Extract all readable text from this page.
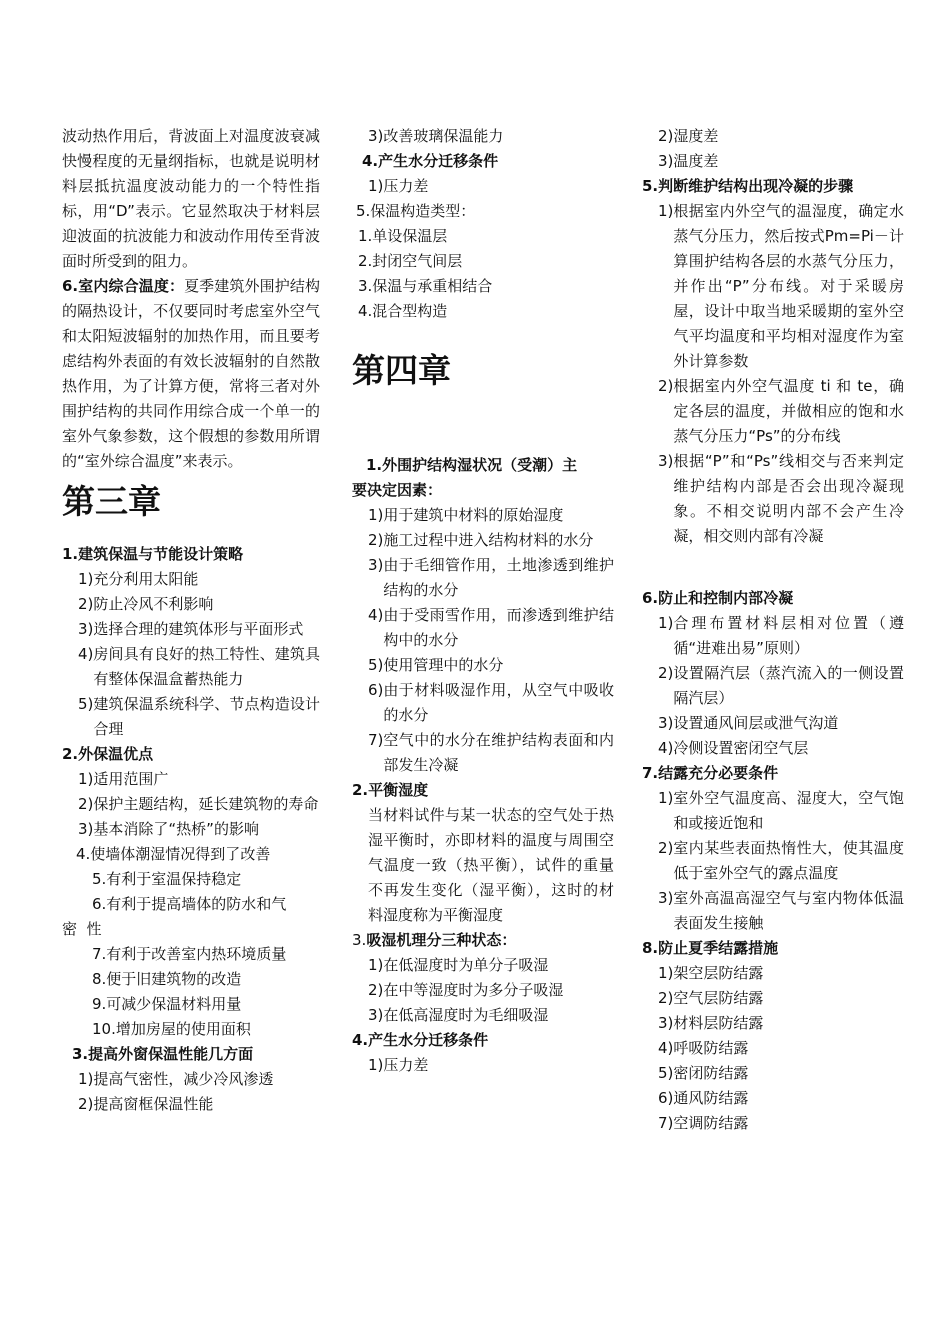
波动热作用后，背波面上对温度波衰减快慢程度的无量纲指标，也就是说明材料层抵抗温度波动能力的一个特性指标，用“D”表示。它显然取决于材料层迎波面的抗波能力和波动作用传至背波面时所受到的阻力。
6.室内综合温度：夏季建筑外围护结构的隔热设计，不仅要同时考虑室外空气和太阳短波辐射的加热作用，而且要考虑结构外表面的有效长波辐射的自然散热作用，为了计算方便，常将三者对外围护结构的共同作用综合成一个单一的室外气象参数，这个假想的参数用所谓的“室外综合温度”来表示。
第三章
1.建筑保温与节能设计策略
1) 充分利用太阳能
2) 防止冷风不利影响
3) 选择合理的建筑体形与平面形式
4) 房间具有良好的热工特性、建筑具有整体保温盒蓄热能力
5) 建筑保温系统科学、节点构造设计合理
2.外保温优点
1) 适用范围广
2) 保护主题结构，延长建筑物的寿命
3) 基本消除了“热桥”的影响
4.使墙体潮湿情况得到了改善
5.有利于室温保持稳定
6.有利于提高墙体的防水和气
密  性
7.有利于改善室内热环境质量
8.便于旧建筑物的改造
9.可减少保温材料用量
10.增加房屋的使用面积
3.提高外窗保温性能几方面
1) 提高气密性，减少冷风渗透
2) 提高窗框保温性能
3) 改善玻璃保温能力
4.产生水分迁移条件
1) 压力差
5.保温构造类型：
1.单设保温层
2.封闭空气间层
3.保温与承重相结合
4.混合型构造
第四章
1.外围护结构湿状况（受潮）主
要决定因素：
1) 用于建筑中材料的原始湿度
2) 施工过程中进入结构材料的水分
3) 由于毛细管作用，土地渗透到维护结构的水分
4) 由于受雨雪作用，而渗透到维护结构中的水分
5) 使用管理中的水分
6) 由于材料吸湿作用，从空气中吸收的水分
7) 空气中的水分在维护结构表面和内部发生冷凝
2.平衡湿度
当材料试件与某一状态的空气处于热湿平衡时，亦即材料的温度与周围空气温度一致（热平衡），试件的重量不再发生变化（湿平衡），这时的材料湿度称为平衡湿度
3.吸湿机理分三种状态：
1) 在低湿度时为单分子吸湿
2) 在中等湿度时为多分子吸湿
3) 在低高湿度时为毛细吸湿
4.产生水分迁移条件
1) 压力差
2) 湿度差
3) 温度差
5.判断维护结构出现冷凝的步骤
1) 根据室内外空气的温湿度，确定水蒸气分压力，然后按式Pm=Pi－计算围护结构各层的水蒸气分压力，并作出“P”分布线。对于采暖房屋，设计中取当地采暖期的室外空气平均温度和平均相对湿度作为室外计算参数
2) 根据室内外空气温度 ti 和 te，确定各层的温度，并做相应的饱和水蒸气分压力“Ps”的分布线
3) 根据“P”和“Ps”线相交与否来判定维护结构内部是否会出现冷凝现象。不相交说明内部不会产生冷凝，相交则内部有冷凝
6.防止和控制内部冷凝
1) 合理布置材料层相对位置（遵循“进难出易”原则）
2) 设置隔汽层（蒸汽流入的一侧设置隔汽层）
3) 设置通风间层或泄气沟道
4) 冷侧设置密闭空气层
7.结露充分必要条件
1) 室外空气温度高、湿度大，空气饱和或接近饱和
2) 室内某些表面热惰性大，使其温度低于室外空气的露点温度
3) 室外高温高湿空气与室内物体低温表面发生接触
8.防止夏季结露措施
1) 架空层防结露
2) 空气层防结露
3) 材料层防结露
4) 呼吸防结露
5) 密闭防结露
6) 通风防结露
7) 空调防结露
